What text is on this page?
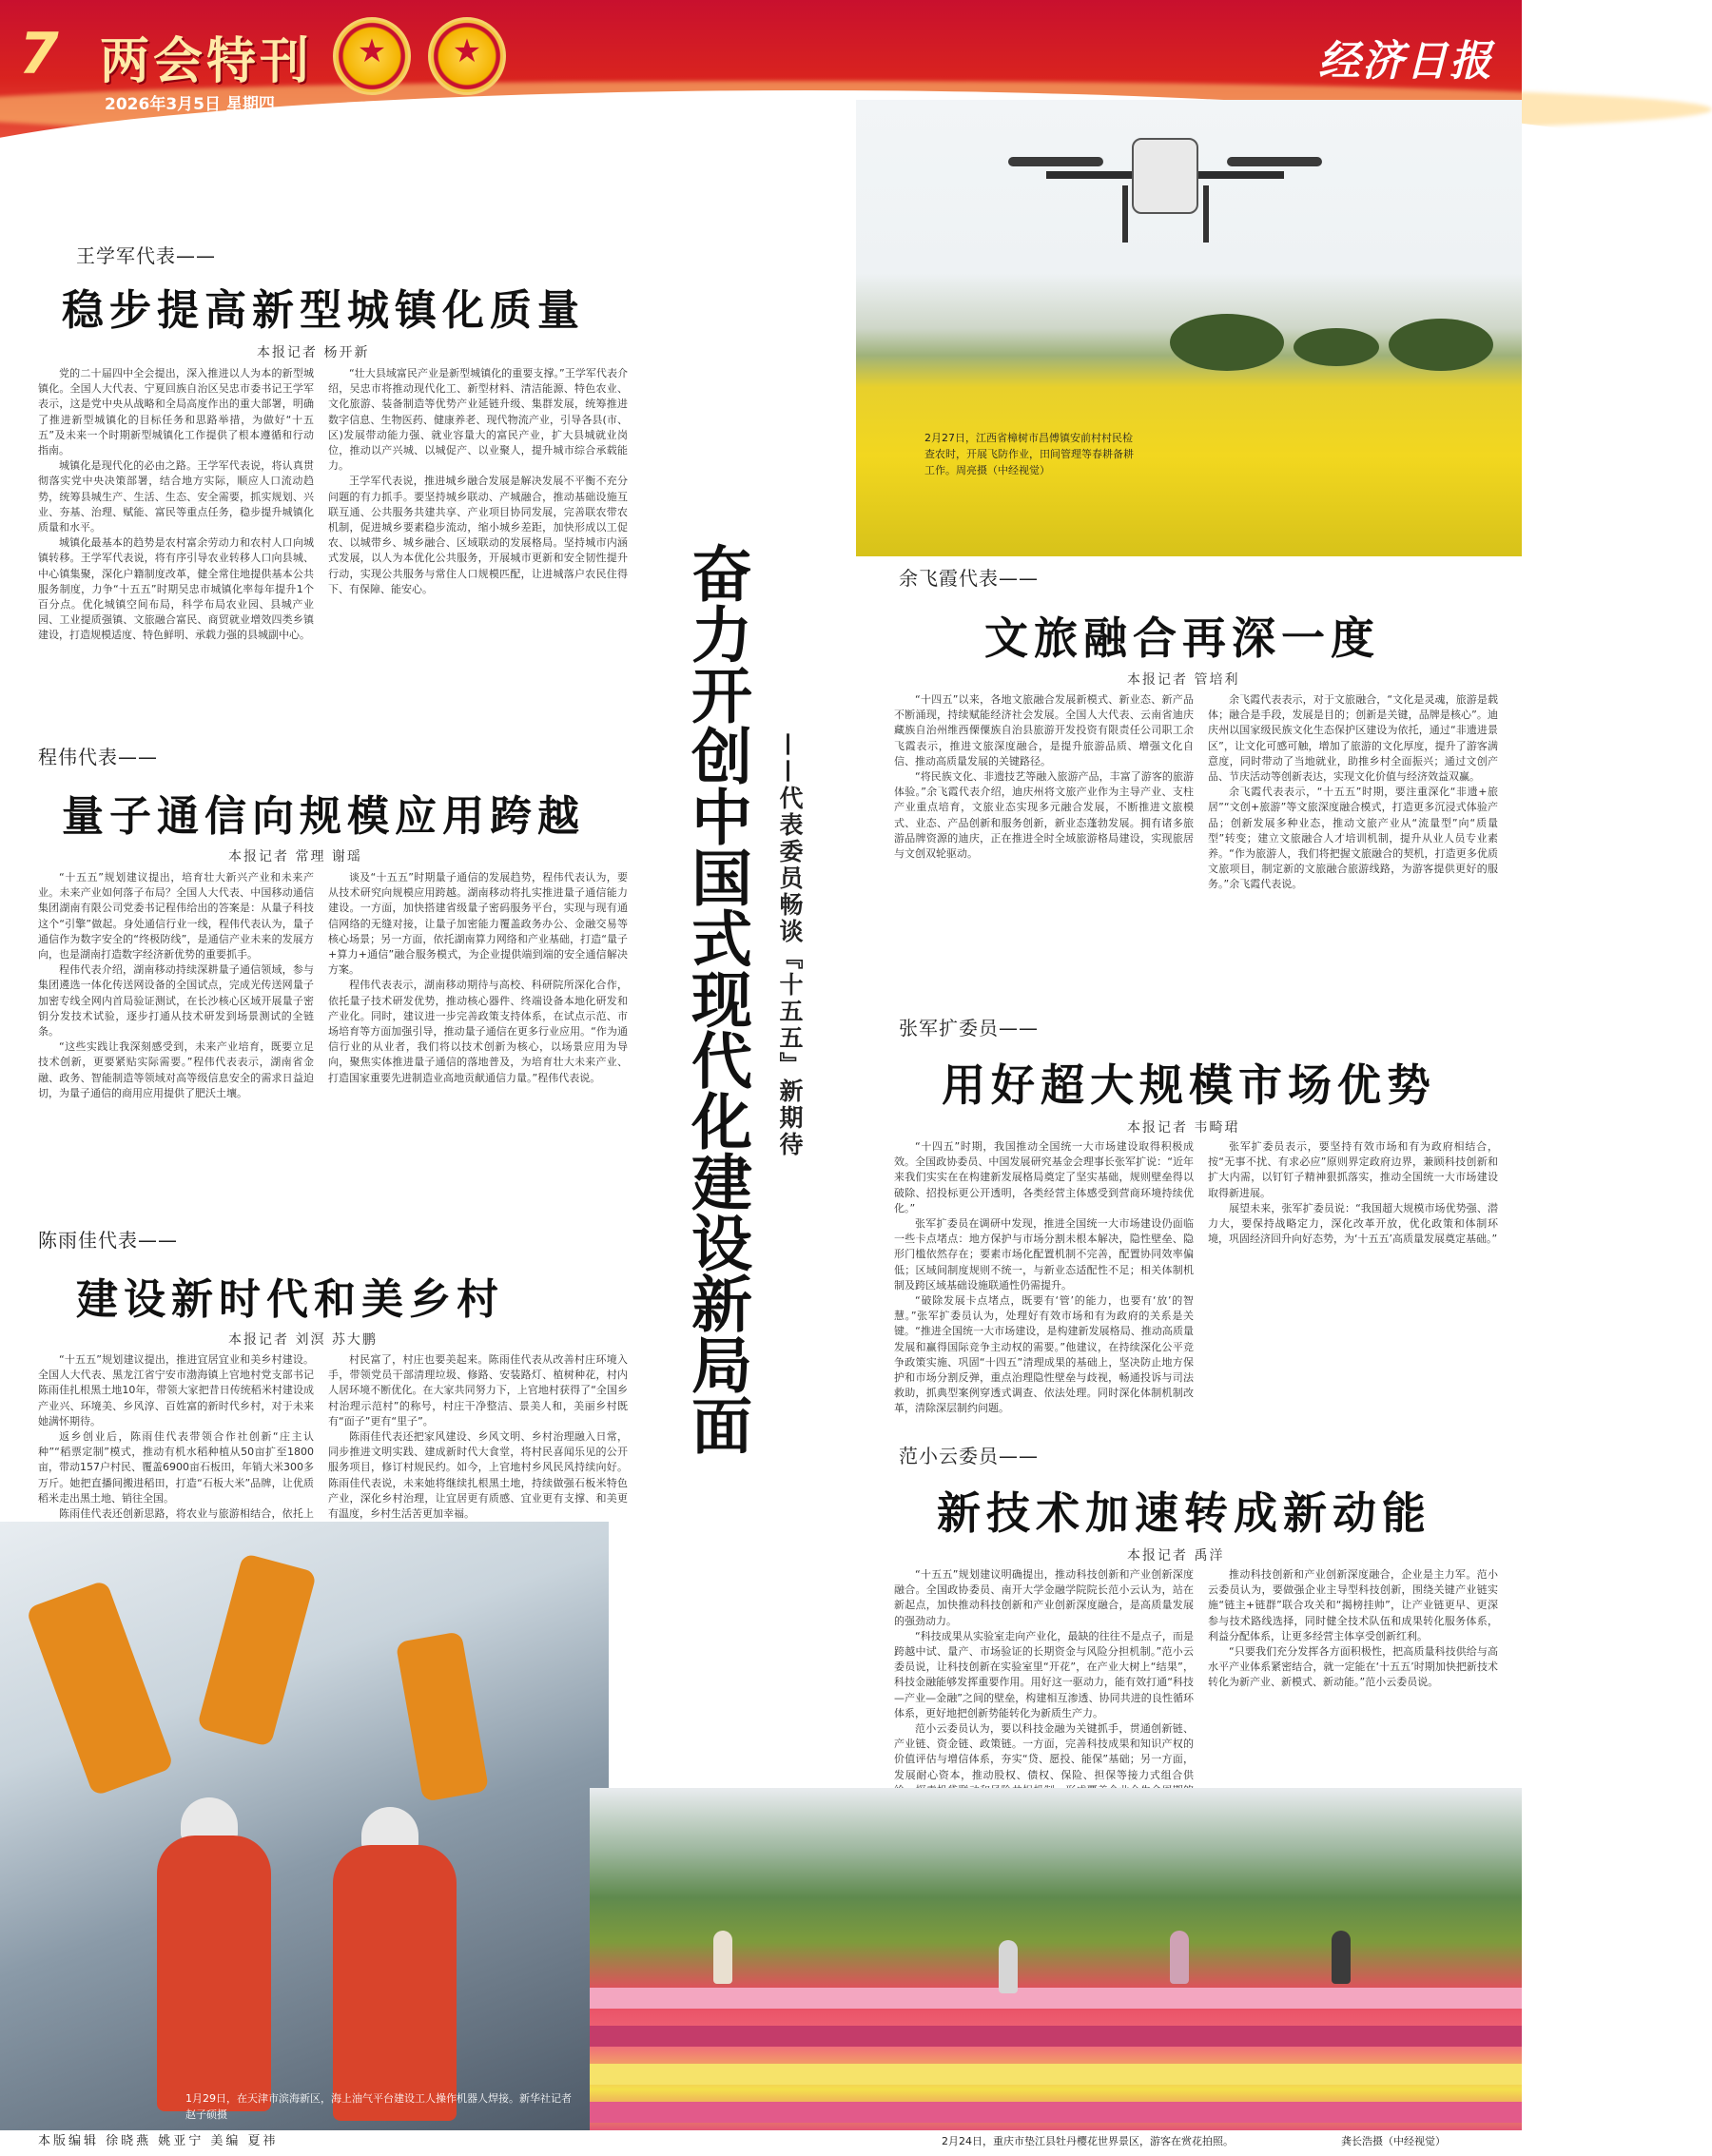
7 两会特刊
2026年3月5日 星期四
★	★	经济日报
2月27日，江西省樟树市昌傅镇安前村村民检查农时，开展飞防作业，田间管理等春耕备耕工作。周亮摄（中经视觉）
王学军代表——
稳步提高新型城镇化质量
本报记者 杨开新

党的二十届四中全会提出，深入推进以人为本的新型城镇化。全国人大代表、宁夏回族自治区吴忠市委书记王学军表示，这是党中央从战略和全局高度作出的重大部署，明确了推进新型城镇化的目标任务和思路举措，为做好“十五五”及未来一个时期新型城镇化工作提供了根本遵循和行动指南。

城镇化是现代化的必由之路。王学军代表说，将认真贯彻落实党中央决策部署，结合地方实际，顺应人口流动趋势，统筹县城生产、生活、生态、安全需要，抓实规划、兴业、夯基、治理、赋能、富民等重点任务，稳步提升城镇化质量和水平。

城镇化最基本的趋势是农村富余劳动力和农村人口向城镇转移。王学军代表说，将有序引导农业转移人口向县城、中心镇集聚，深化户籍制度改革，健全常住地提供基本公共服务制度，力争“十五五”时期吴忠市城镇化率每年提升1个百分点。优化城镇空间布局，科学布局农业园、县城产业园、工业提质强镇、文旅融合富民、商贸就业增效四类乡镇建设，打造规模适度、特色鲜明、承载力强的县城副中心。

“壮大县域富民产业是新型城镇化的重要支撑。”王学军代表介绍，吴忠市将推动现代化工、新型材料、清洁能源、特色农业、文化旅游、装备制造等优势产业延链升级、集群发展，统筹推进数字信息、生物医药、健康养老、现代物流产业，引导各县(市、区)发展带动能力强、就业容量大的富民产业，扩大县城就业岗位，推动以产兴城、以城促产、以业聚人，提升城市综合承载能力。

王学军代表说，推进城乡融合发展是解决发展不平衡不充分问题的有力抓手。要坚持城乡联动、产城融合，推动基础设施互联互通、公共服务共建共享、产业项目协同发展，完善联农带农机制，促进城乡要素稳步流动，缩小城乡差距，加快形成以工促农、以城带乡、城乡融合、区域联动的发展格局。坚持城市内涵式发展，以人为本优化公共服务，开展城市更新和安全韧性提升行动，实现公共服务与常住人口规模匹配，让进城落户农民住得下、有保障、能安心。

程伟代表——
量子通信向规模应用跨越
本报记者 常理 谢瑶

“十五五”规划建议提出，培育壮大新兴产业和未来产业。未来产业如何落子布局？全国人大代表、中国移动通信集团湖南有限公司党委书记程伟给出的答案是：从量子科技这个“引擎”做起。身处通信行业一线，程伟代表认为，量子通信作为数字安全的“终极防线”，是通信产业未来的发展方向，也是湖南打造数字经济新优势的重要抓手。

程伟代表介绍，湖南移动持续深耕量子通信领域，参与集团遴选一体化传送网设备的全国试点，完成光传送网量子加密专线全网内首局验证测试，在长沙核心区域开展量子密钥分发技术试验，逐步打通从技术研发到场景测试的全链条。

“这些实践让我深刻感受到，未来产业培育，既要立足技术创新，更要紧贴实际需要。”程伟代表表示，湖南省金融、政务、智能制造等领域对高等级信息安全的需求日益迫切，为量子通信的商用应用提供了肥沃土壤。

谈及“十五五”时期量子通信的发展趋势，程伟代表认为，要从技术研究向规模应用跨越。湖南移动将扎实推进量子通信能力建设。一方面，加快搭建省级量子密码服务平台，实现与现有通信网络的无缝对接，让量子加密能力覆盖政务办公、金融交易等核心场景；另一方面，依托湖南算力网络和产业基础，打造“量子+算力+通信”融合服务模式，为企业提供端到端的安全通信解决方案。

程伟代表表示，湖南移动期待与高校、科研院所深化合作，依托量子技术研发优势，推动核心器件、终端设备本地化研发和产业化。同时，建议进一步完善政策支持体系，在试点示范、市场培育等方面加强引导，推动量子通信在更多行业应用。“作为通信行业的从业者，我们将以技术创新为核心，以场景应用为导向，聚焦实体推进量子通信的落地普及，为培育壮大未来产业、打造国家重要先进制造业高地贡献通信力量。”程伟代表说。

陈雨佳代表——
建设新时代和美乡村
本报记者 刘溟 苏大鹏

“十五五”规划建议提出，推进宜居宜业和美乡村建设。全国人大代表、黑龙江省宁安市渤海镇上官地村党支部书记陈雨佳扎根黑土地10年，带领大家把昔日传统稻米村建设成产业兴、环境美、乡风淳、百姓富的新时代乡村，对于未来她满怀期待。

返乡创业后，陈雨佳代表带领合作社创新“庄主认种”“稻票定制”模式，推动有机水稻种植从50亩扩至1800亩，带动157户村民、覆盖6900亩石板田，年销大米300多万斤。她把直播间搬进稻田，打造“石板大米”品牌，让优质稻米走出黑土地、销往全国。

陈雨佳代表还创新思路，将农业与旅游相结合，依托上

村民富了，村庄也要美起来。陈雨佳代表从改善村庄环境入手，带领党员干部清理垃圾、修路、安装路灯、植树种花，村内人居环境不断优化。在大家共同努力下，上官地村获得了“全国乡村治理示范村”的称号，村庄干净整洁、景美人和，美丽乡村既有“面子”更有“里子”。

陈雨佳代表还把家风建设、乡风文明、乡村治理融入日常，同步推进文明实践、建成新时代大食堂，将村民喜闻乐见的公开服务项目，修订村规民约。如今，上官地村乡风民风持续向好。陈雨佳代表说，未来她将继续扎根黑土地，持续做强石板米特色产业，深化乡村治理，让宜居更有质感、宜业更有支撑、和美更有温度，乡村生活苦更加幸福。

1月29日，在天津市滨海新区，海上油气平台建设工人操作机器人焊接。新华社记者 赵子硕摄
奋力开创中国式现代化建设新局面 ——代表委员畅谈『十五五』新期待
余飞霞代表——
文旅融合再深一度
本报记者 管培利

“十四五”以来，各地文旅融合发展新模式、新业态、新产品不断涌现，持续赋能经济社会发展。全国人大代表、云南省迪庆藏族自治州维西傈僳族自治县旅游开发投资有限责任公司职工余飞霞表示，推进文旅深度融合，是提升旅游品质、增强文化自信、推动高质量发展的关键路径。

“将民族文化、非遗技艺等融入旅游产品，丰富了游客的旅游体验。”余飞霞代表介绍，迪庆州将文旅产业作为主导产业、支柱产业重点培育，文旅业态实现多元融合发展，不断推进文旅模式、业态、产品创新和服务创新，新业态蓬勃发展。拥有诸多旅游品牌资源的迪庆，正在推进全时全域旅游格局建设，实现旅居与文创双轮驱动。

余飞霞代表表示，对于文旅融合，“文化是灵魂，旅游是载体；融合是手段，发展是目的；创新是关键，品牌是核心”。迪庆州以国家级民族文化生态保护区建设为依托，通过“非遗进景区”，让文化可感可触，增加了旅游的文化厚度，提升了游客满意度，同时带动了当地就业，助推乡村全面振兴；通过文创产品、节庆活动等创新表达，实现文化价值与经济效益双赢。

余飞霞代表表示，“十五五”时期，要注重深化“非遗+旅居”“文创+旅游”等文旅深度融合模式，打造更多沉浸式体验产品；创新发展多种业态，推动文旅产业从“流量型”向“质量型”转变；建立文旅融合人才培训机制，提升从业人员专业素养。“作为旅游人，我们将把握文旅融合的契机，打造更多优质文旅项目，制定新的文旅融合旅游线路，为游客提供更好的服务。”余飞霞代表说。

张军扩委员——
用好超大规模市场优势
本报记者 韦畸珺

“十四五”时期，我国推动全国统一大市场建设取得积极成效。全国政协委员、中国发展研究基金会理事长张军扩说：“近年来我们实实在在构建新发展格局奠定了坚实基础，规则壁垒得以破除、招投标更公开透明，各类经营主体感受到营商环境持续优化。”

张军扩委员在调研中发现，推进全国统一大市场建设仍面临一些卡点堵点：地方保护与市场分割未根本解决，隐性壁垒、隐形门槛依然存在；要素市场化配置机制不完善，配置协同效率偏低；区域间制度规则不统一，与新业态适配性不足；相关体制机制及跨区域基础设施联通性仍需提升。

“破除发展卡点堵点，既要有‘管’的能力，也要有‘放’的智慧。”张军扩委员认为，处理好有效市场和有为政府的关系是关键。“推进全国统一大市场建设，是构建新发展格局、推动高质量发展和赢得国际竞争主动权的需要。”他建议，在持续深化公平竞争政策实施、巩固“十四五”清理成果的基础上，坚决防止地方保护和市场分割反弹，重点治理隐性壁垒与歧视，畅通投诉与司法救助，抓典型案例穿透式调查、依法处理。同时深化体制机制改革，清除深层制约问题。

张军扩委员表示，要坚持有效市场和有为政府相结合，按“无事不扰、有求必应”原则界定政府边界，兼顾科技创新和扩大内需，以钉钉子精神狠抓落实，推动全国统一大市场建设取得新进展。

展望未来，张军扩委员说：“我国超大规模市场优势强、潜力大，要保持战略定力，深化改革开放，优化政策和体制环境，巩固经济回升向好态势，为‘十五五’高质量发展奠定基础。”

范小云委员——
新技术加速转成新动能
本报记者 禹洋

“十五五”规划建议明确提出，推动科技创新和产业创新深度融合。全国政协委员、南开大学金融学院院长范小云认为，站在新起点，加快推动科技创新和产业创新深度融合，是高质量发展的强劲动力。

“科技成果从实验室走向产业化，最缺的往往不是点子，而是跨越中试、量产、市场验证的长期资金与风险分担机制。”范小云委员说，让科技创新在实验室里“开花”，在产业大树上“结果”，科技金融能够发挥重要作用。用好这一驱动力，能有效打通“科技—产业—金融”之间的壁垒，构建相互渗透、协同共进的良性循环体系，更好地把创新势能转化为新质生产力。

范小云委员认为，要以科技金融为关键抓手，贯通创新链、产业链、资金链、政策链。一方面，完善科技成果和知识产权的价值评估与增信体系，夯实“贷、愿投、能保”基础；另一方面，发展耐心资本，推动股权、债权、保险、担保等接力式组合供

推动科技创新和产业创新深度融合，企业是主力军。范小云委员认为，要做强企业主导型科技创新，围绕关键产业链实施“链主+链群”联合攻关和“揭榜挂帅”，让产业链更早、更深参与技术路线选择，同时健全技术队伍和成果转化服务体系，利益分配体系，让更多经营主体享受创新红利。

“只要我们充分发挥各方面积极性，把高质量科技供给与高水平产业体系紧密结合，就一定能在‘十五五’时期加快把新技术转化为新产业、新模式、新动能。”范小云委员说。

2月24日，重庆市垫江县牡丹樱花世界景区，游客在赏花拍照。	龚长浩摄（中经视觉）
本版编辑 徐晓燕 姚亚宁 美编 夏祎
